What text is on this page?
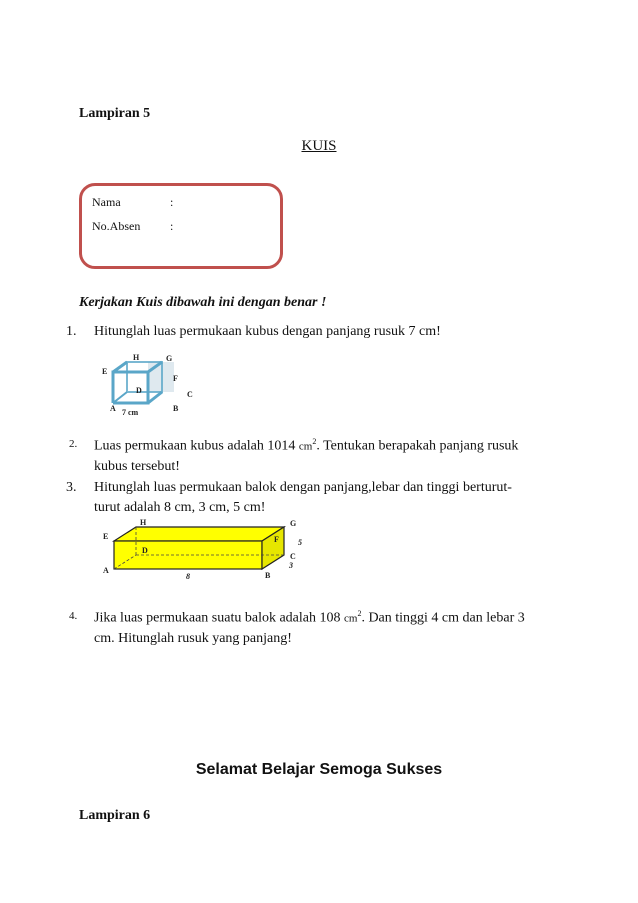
Lampiran 5
KUIS
Nama	:
No.Absen :
Kerjakan Kuis dibawah ini dengan benar !
1. Hitunglah luas permukaan kubus dengan panjang rusuk 7 cm!
H	G
E
F
D	C
A	B
7 cm
2. Luas permukaan kubus adalah 1014 $cm^2$. Tentukan berapakah panjang rusuk
kubus tersebut!
3. Hitunglah luas permukaan balok dengan panjang,lebar dan tinggi berturut-
turut adalah 8 cm, 3 cm, 5 cm!
H	G
E	F
D
C
A
B
8
5
3
4. Jika luas permukaan suatu balok adalah 108 $cm^2$. Dan tinggi 4 cm dan lebar 3
cm. Hitunglah rusuk yang panjang!
Selamat Belajar Semoga Sukses
Lampiran 6
